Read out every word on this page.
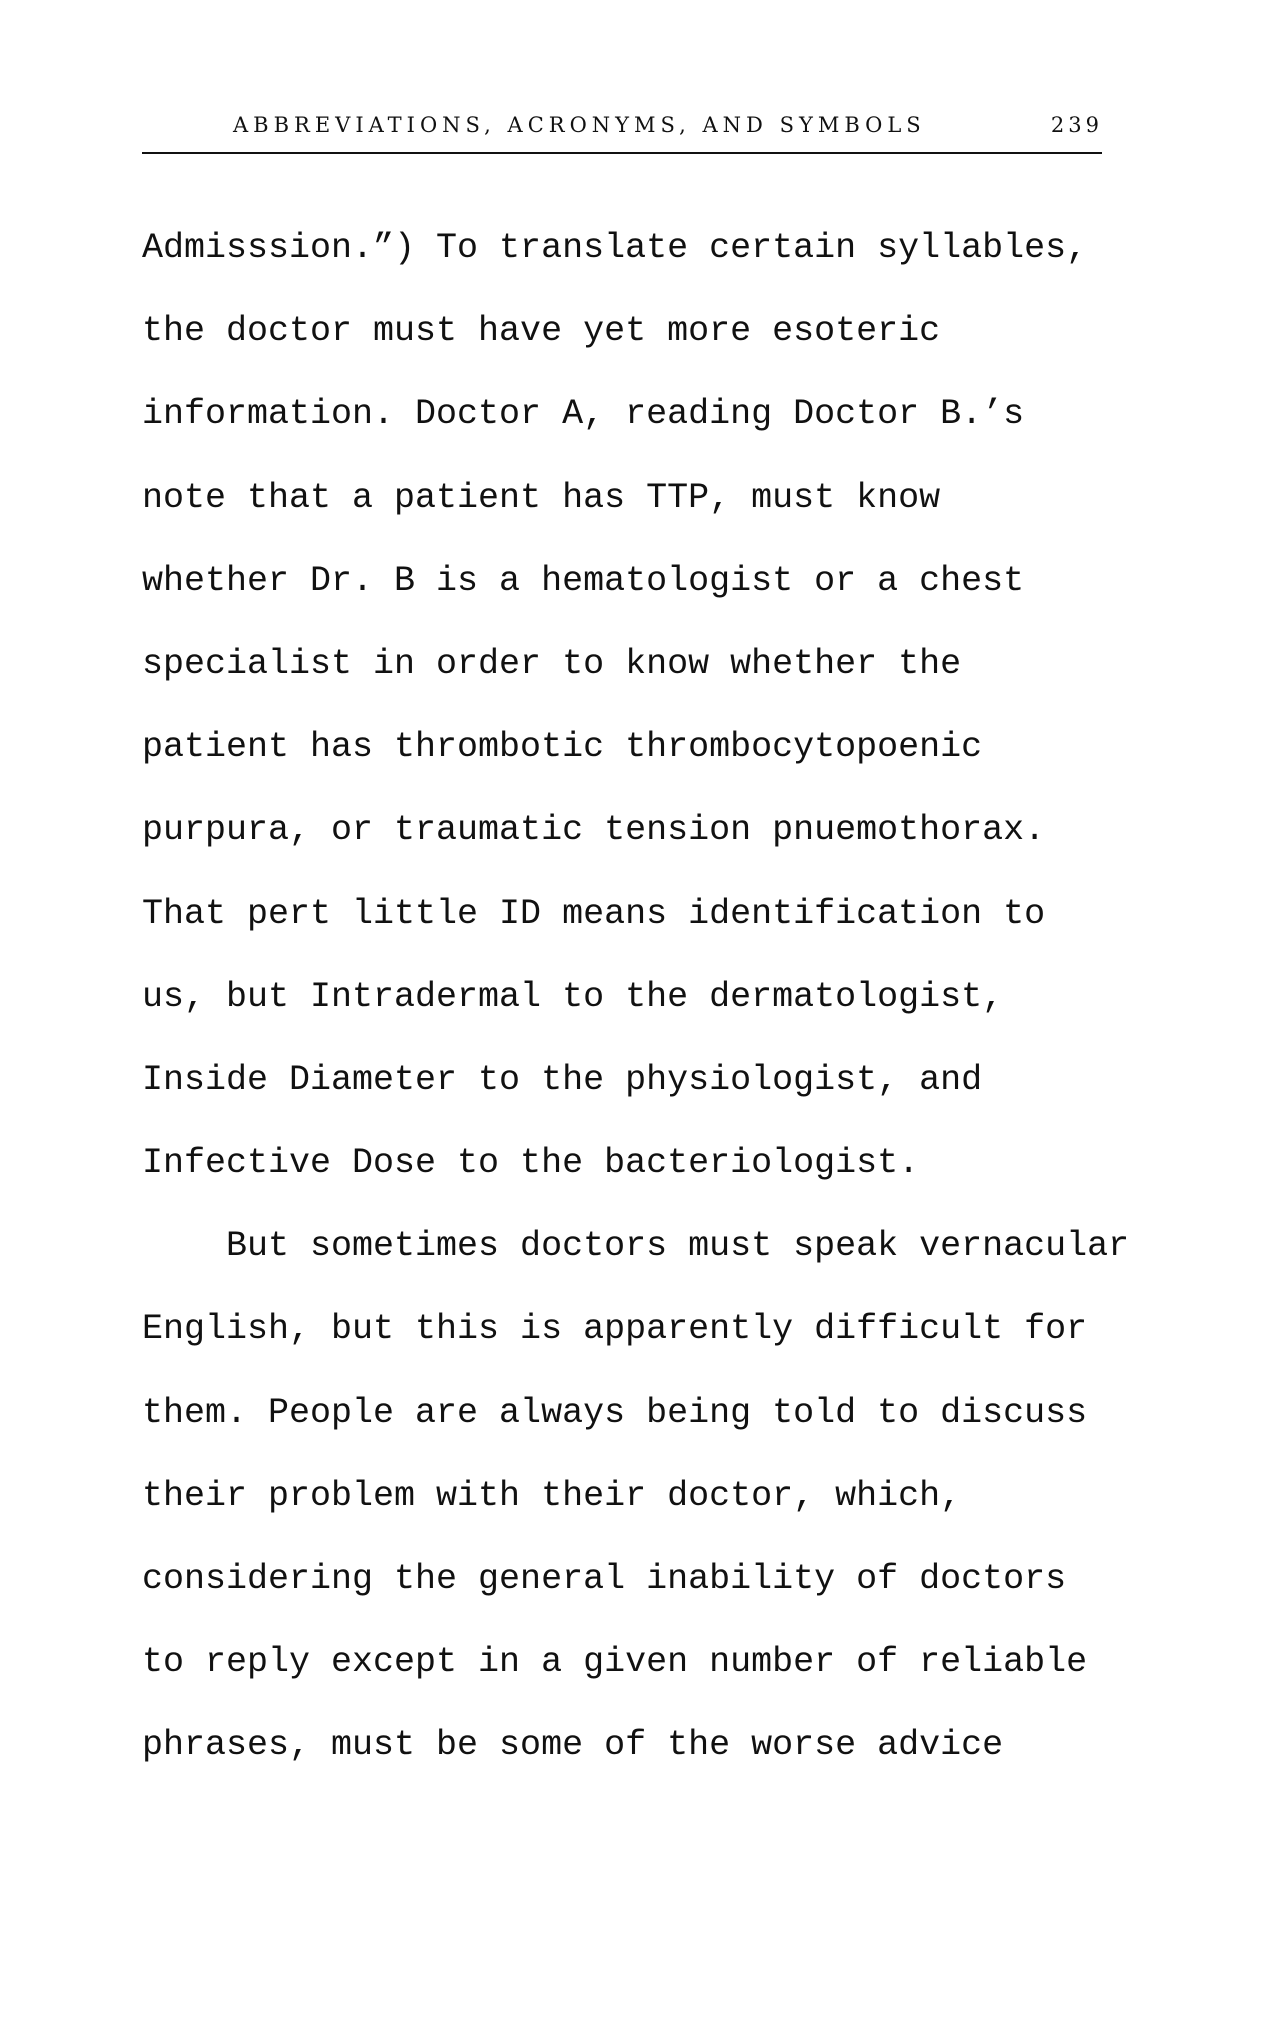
ABBREVIATIONS, ACRONYMS, AND SYMBOLS	239
Admisssion.”) To translate certain syllables,
the doctor must have yet more esoteric
information. Doctor A, reading Doctor B.’s
note that a patient has TTP, must know
whether Dr. B is a hematologist or a chest
specialist in order to know whether the
patient has thrombotic thrombocytopoenic
purpura, or traumatic tension pnuemothorax.
That pert little ID means identification to
us, but Intradermal to the dermatologist,
Inside Diameter to the physiologist, and
Infective Dose to the bacteriologist.
But sometimes doctors must speak vernacular
English, but this is apparently difficult for
them. People are always being told to discuss
their problem with their doctor, which,
considering the general inability of doctors
to reply except in a given number of reliable
phrases, must be some of the worse advice
